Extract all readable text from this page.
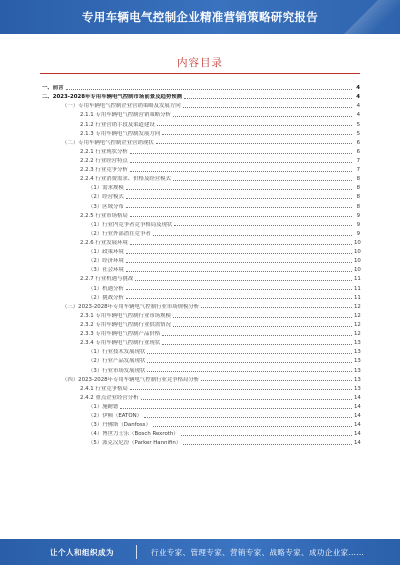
专用车辆电气控制企业精准营销策略研究报告
内容目录
一、前言	4
二、2023-2028年专用车辆电气控制市场前景及趋势预测	4
（一）专用车辆电气控制企业营销策略及发展方向	4
2.1.1 专用车辆电气控制营销策略分析	4
2.1.2 行业营销手段及渠道建设	5
2.1.3 专用车辆电气控制发展方向	5
（二）专用车辆电气控制企业营销现状	6
2.2.1 行业现状分析	6
2.2.2 行业经营特点	7
2.2.3 行业竞争分析	7
2.2.4 行业消费需求、价格及经营模式	8
（1）需求规模	8
（2）经营模式	8
（3）区域分布	8
2.2.5 行业市场格局	9
（1）行业内竞争者竞争格局及现状	9
（2）行业外部潜在竞争者	9
2.2.6 行业发展环境	10
（1）政策环境	10
（2）经济环境	10
（3）社会环境	10
2.2.7 行业机遇与挑战	11
（1）机遇分析	11
（2）挑战分析	11
（三）2023-2028年专用车辆电气控制行业市场规模分析	12
2.3.1 专用车辆电气控制行业市场规模	12
2.3.2 专用车辆电气控制行业供需情况	12
2.3.3 专用车辆电气控制产品价格	12
2.3.4 专用车辆电气控制行业现状	13
（1）行业技术发展现状	13
（2）行业产品发展现状	13
（3）行业市场发展现状	13
（四）2023-2028年专用车辆电气控制行业竞争格局分析	13
2.4.1 行业竞争格局	13
2.4.2 重点企业经营分析	14
（1）施耐德	14
（2）伊顿（EATON）	14
（3）丹佛斯（Danfoss）	14
（4）博世力士乐（Bosch Rexroth）	14
（5）派克汉尼汾（Parker Hannifin）	14
让个人和组织成为	行业专家、管理专家、营销专家、战略专家、成功企业家……
